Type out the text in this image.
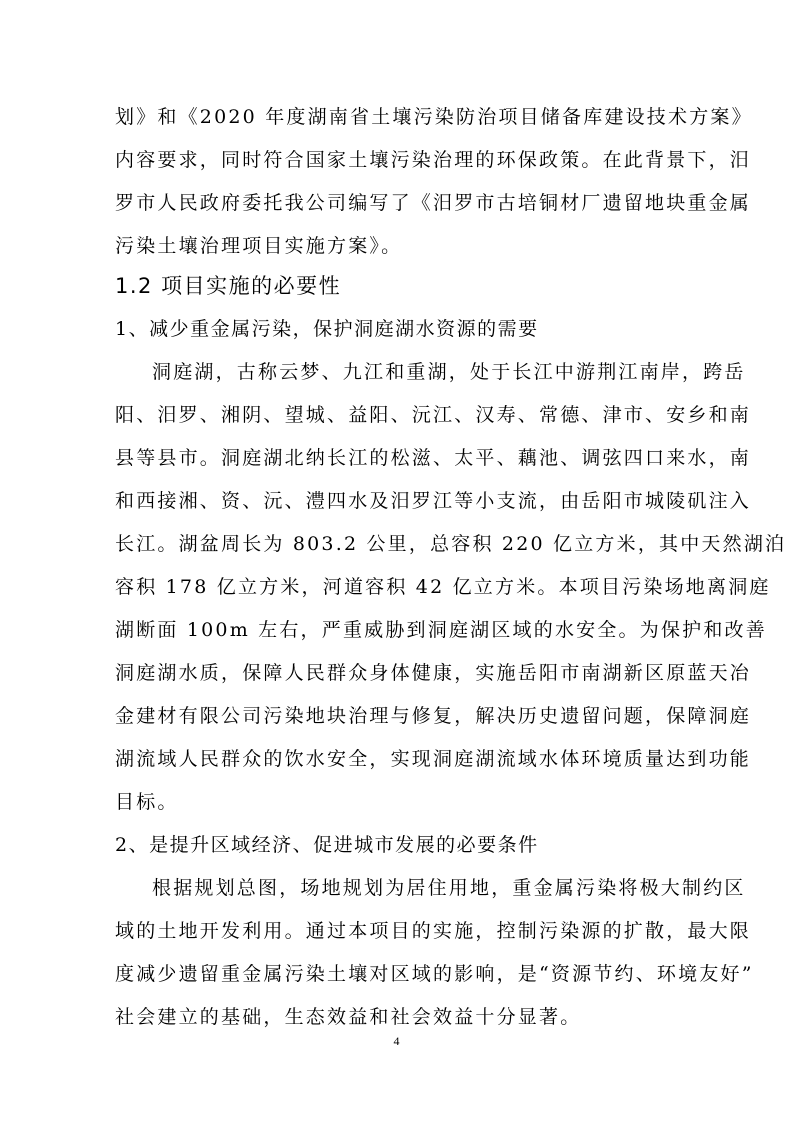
划》和《2020 年度湖南省土壤污染防治项目储备库建设技术方案》
内容要求，同时符合国家土壤污染治理的环保政策。在此背景下，汨
罗市人民政府委托我公司编写了《汨罗市古培铜材厂遗留地块重金属
污染土壤治理项目实施方案》。
1.2 项目实施的必要性
1、减少重金属污染，保护洞庭湖水资源的需要
洞庭湖，古称云梦、九江和重湖，处于长江中游荆江南岸，跨岳
阳、汨罗、湘阴、望城、益阳、沅江、汉寿、常德、津市、安乡和南
县等县市。洞庭湖北纳长江的松滋、太平、藕池、调弦四口来水，南
和西接湘、资、沅、澧四水及汨罗江等小支流，由岳阳市城陵矶注入
长江。湖盆周长为 803.2 公里，总容积 220 亿立方米，其中天然湖泊
容积 178 亿立方米，河道容积 42 亿立方米。本项目污染场地离洞庭
湖断面 100m 左右，严重威胁到洞庭湖区域的水安全。为保护和改善
洞庭湖水质，保障人民群众身体健康，实施岳阳市南湖新区原蓝天冶
金建材有限公司污染地块治理与修复，解决历史遗留问题，保障洞庭
湖流域人民群众的饮水安全，实现洞庭湖流域水体环境质量达到功能
目标。
2、是提升区域经济、促进城市发展的必要条件
根据规划总图，场地规划为居住用地，重金属污染将极大制约区
域的土地开发利用。通过本项目的实施，控制污染源的扩散，最大限
度减少遗留重金属污染土壤对区域的影响，是“资源节约、环境友好”
社会建立的基础，生态效益和社会效益十分显著。
4
